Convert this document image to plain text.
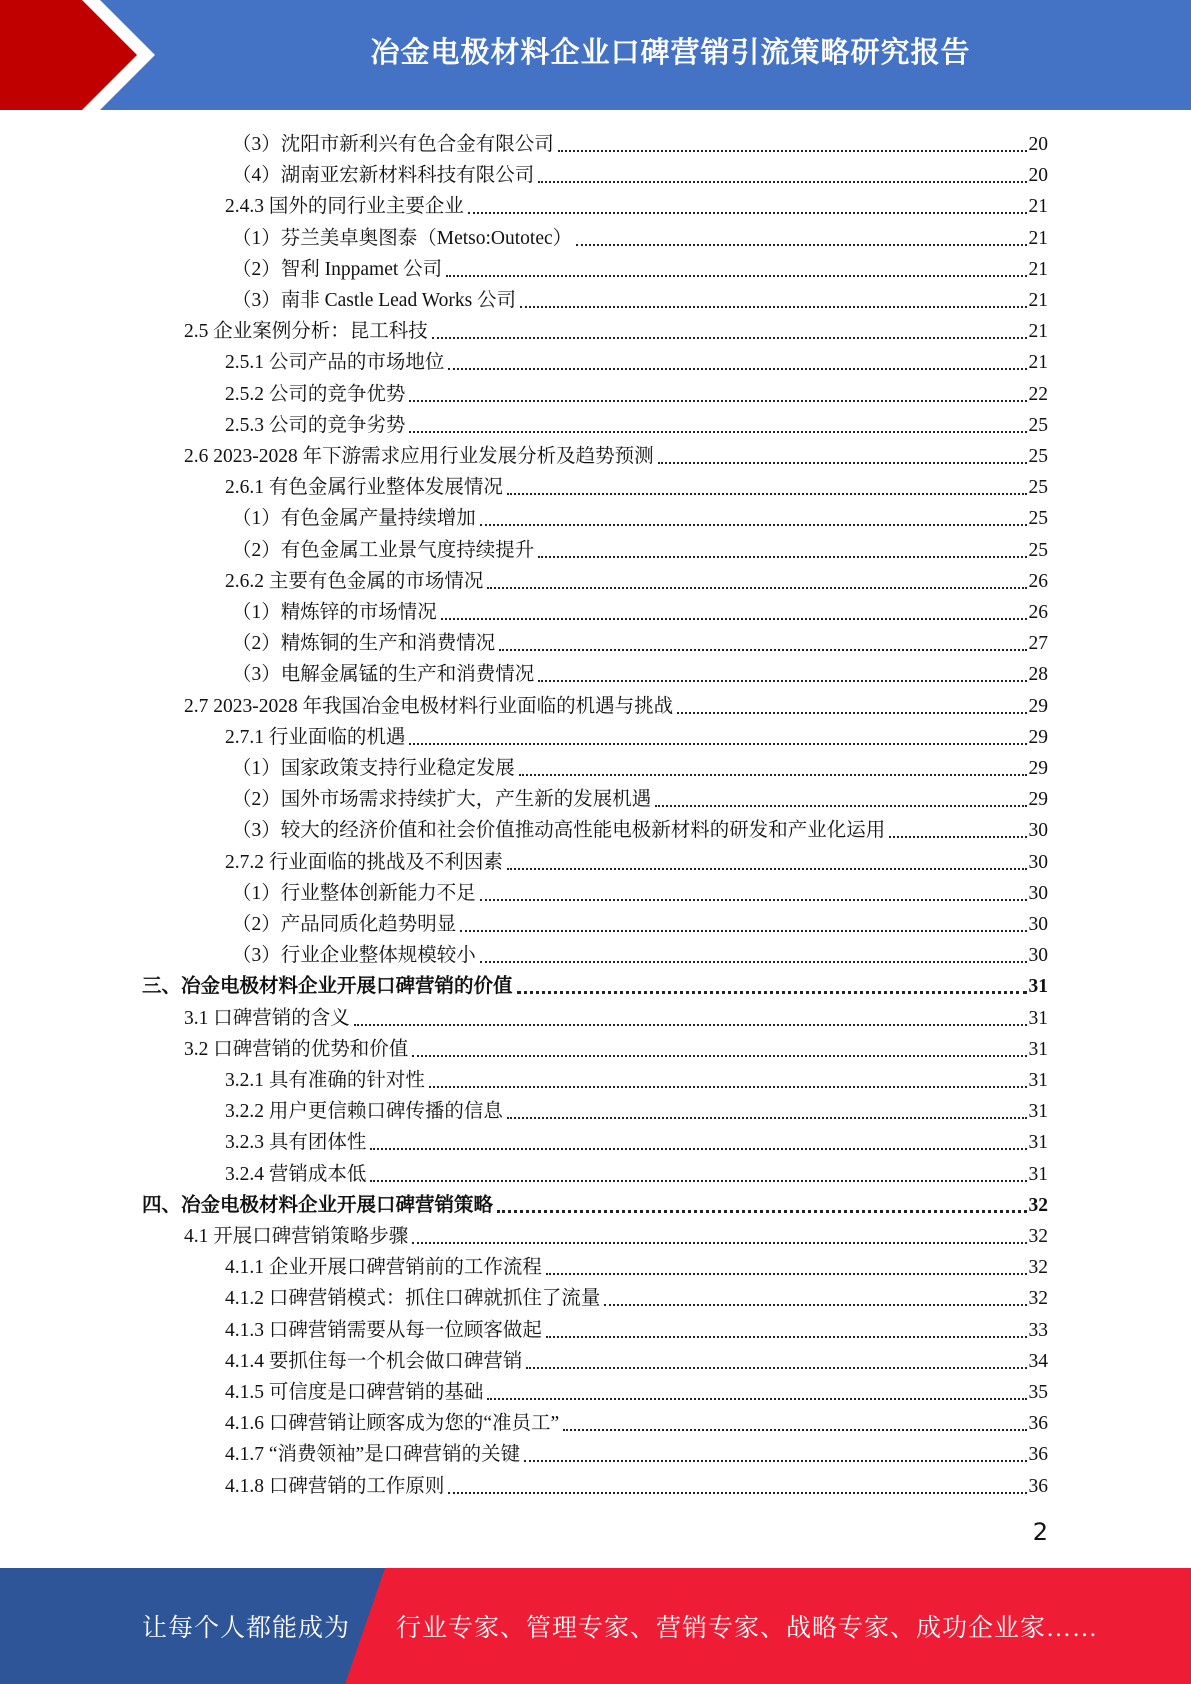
冶金电极材料企业口碑营销引流策略研究报告
（3）沈阳市新利兴有色合金有限公司	20
（4）湖南亚宏新材料科技有限公司	20
2.4.3 国外的同行业主要企业	21
（1）芬兰美卓奥图泰（Metso:Outotec）	21
（2）智利 Inppamet 公司	21
（3）南非 Castle Lead Works 公司	21
2.5 企业案例分析：昆工科技	21
2.5.1 公司产品的市场地位	21
2.5.2 公司的竞争优势	22
2.5.3 公司的竞争劣势	25
2.6 2023-2028 年下游需求应用行业发展分析及趋势预测	25
2.6.1 有色金属行业整体发展情况	25
（1）有色金属产量持续增加	25
（2）有色金属工业景气度持续提升	25
2.6.2 主要有色金属的市场情况	26
（1）精炼锌的市场情况	26
（2）精炼铜的生产和消费情况	27
（3）电解金属锰的生产和消费情况	28
2.7 2023-2028 年我国冶金电极材料行业面临的机遇与挑战	29
2.7.1 行业面临的机遇	29
（1）国家政策支持行业稳定发展	29
（2）国外市场需求持续扩大，产生新的发展机遇	29
（3）较大的经济价值和社会价值推动高性能电极新材料的研发和产业化运用	30
2.7.2 行业面临的挑战及不利因素	30
（1）行业整体创新能力不足	30
（2）产品同质化趋势明显	30
（3）行业企业整体规模较小	30
三、冶金电极材料企业开展口碑营销的价值	31
3.1 口碑营销的含义	31
3.2 口碑营销的优势和价值	31
3.2.1 具有准确的针对性	31
3.2.2 用户更信赖口碑传播的信息	31
3.2.3 具有团体性	31
3.2.4 营销成本低	31
四、冶金电极材料企业开展口碑营销策略	32
4.1 开展口碑营销策略步骤	32
4.1.1 企业开展口碑营销前的工作流程	32
4.1.2 口碑营销模式：抓住口碑就抓住了流量	32
4.1.3 口碑营销需要从每一位顾客做起	33
4.1.4 要抓住每一个机会做口碑营销	34
4.1.5 可信度是口碑营销的基础	35
4.1.6 口碑营销让顾客成为您的“准员工”	36
4.1.7 “消费领袖”是口碑营销的关键	36
4.1.8 口碑营销的工作原则	36
2
让每个人都能成为 行业专家、管理专家、营销专家、战略专家、成功企业家……
